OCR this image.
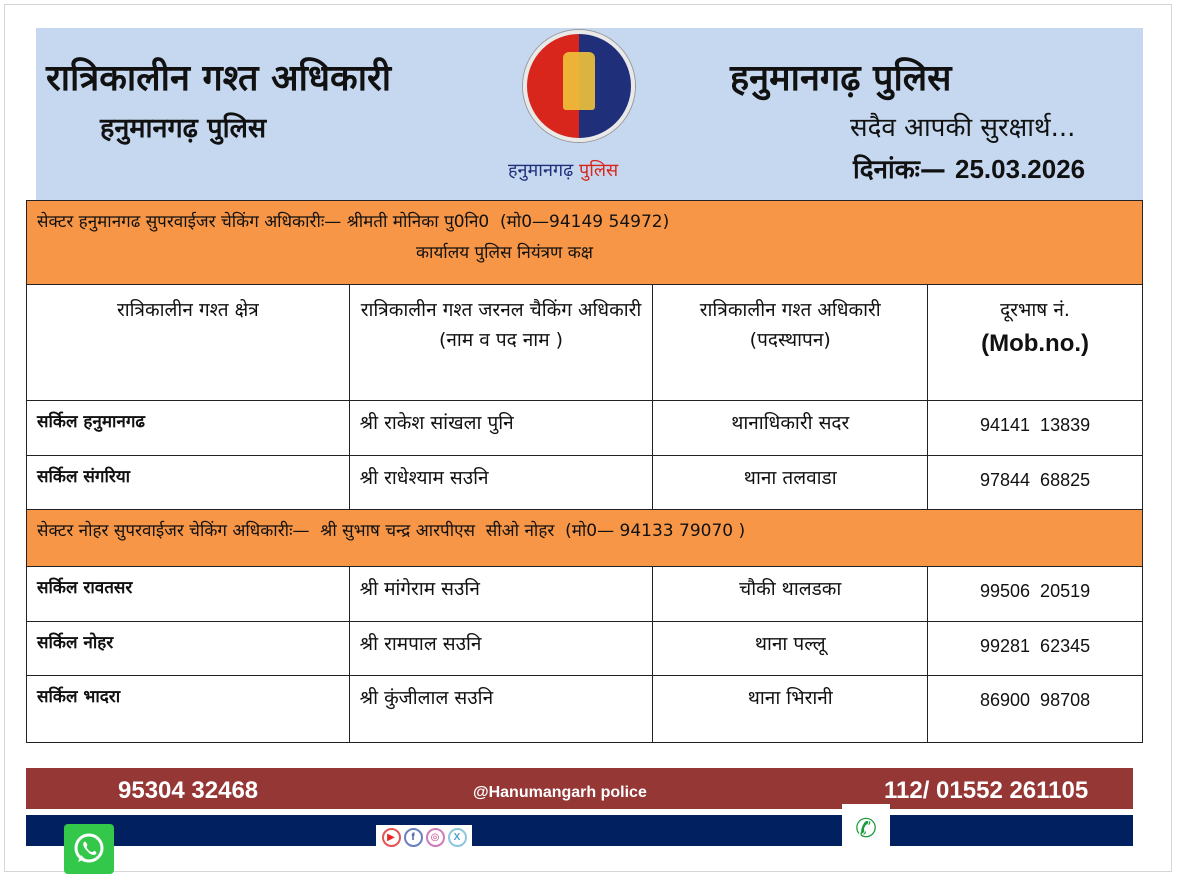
रात्रिकालीन गश्त अधिकारी
हनुमानगढ़ पुलिस
हनुमानगढ़ पुलिस
हनुमानगढ़ पुलिस
सदैव आपकी सुरक्षार्थ...
दिनांकः— 25.03.2026
सेक्टर हनुमानगढ सुपरवाईजर चेकिंग अधिकारीः— श्रीमती मोनिका पु0नि0  (मो0—94149 54972)
कार्यालय पुलिस नियंत्रण कक्ष			

रात्रिकालीन गश्त क्षेत्र	रात्रिकालीन गश्त जरनल चैकिंग अधिकारी (नाम व पद नाम )	रात्रिकालीन गश्त अधिकारी (पदस्थापन)	दूरभाष नं.
(Mob.no.)

सर्किल हनुमानगढ	श्री राकेश सांखला पुनि	थानाधिकारी सदर	94141  13839
सर्किल संगरिया	श्री राधेश्याम सउनि	थाना तलवाडा	97844  68825

सेक्टर नोहर सुपरवाईजर चेकिंग अधिकारीः—  श्री सुभाष चन्द्र आरपीएस  सीओ नोहर  (मो0— 94133 79070 )			

सर्किल रावतसर	श्री मांगेराम सउनि	चौकी थालडका	99506  20519
सर्किल नोहर	श्री रामपाल सउनि	थाना पल्लू	99281  62345
सर्किल भादरा	श्री कुंजीलाल सउनि	थाना भिरानी	86900  98708
95304 32468	@Hanumangarh police	112/ 01552 261105
▶	f	◎	X	✆
